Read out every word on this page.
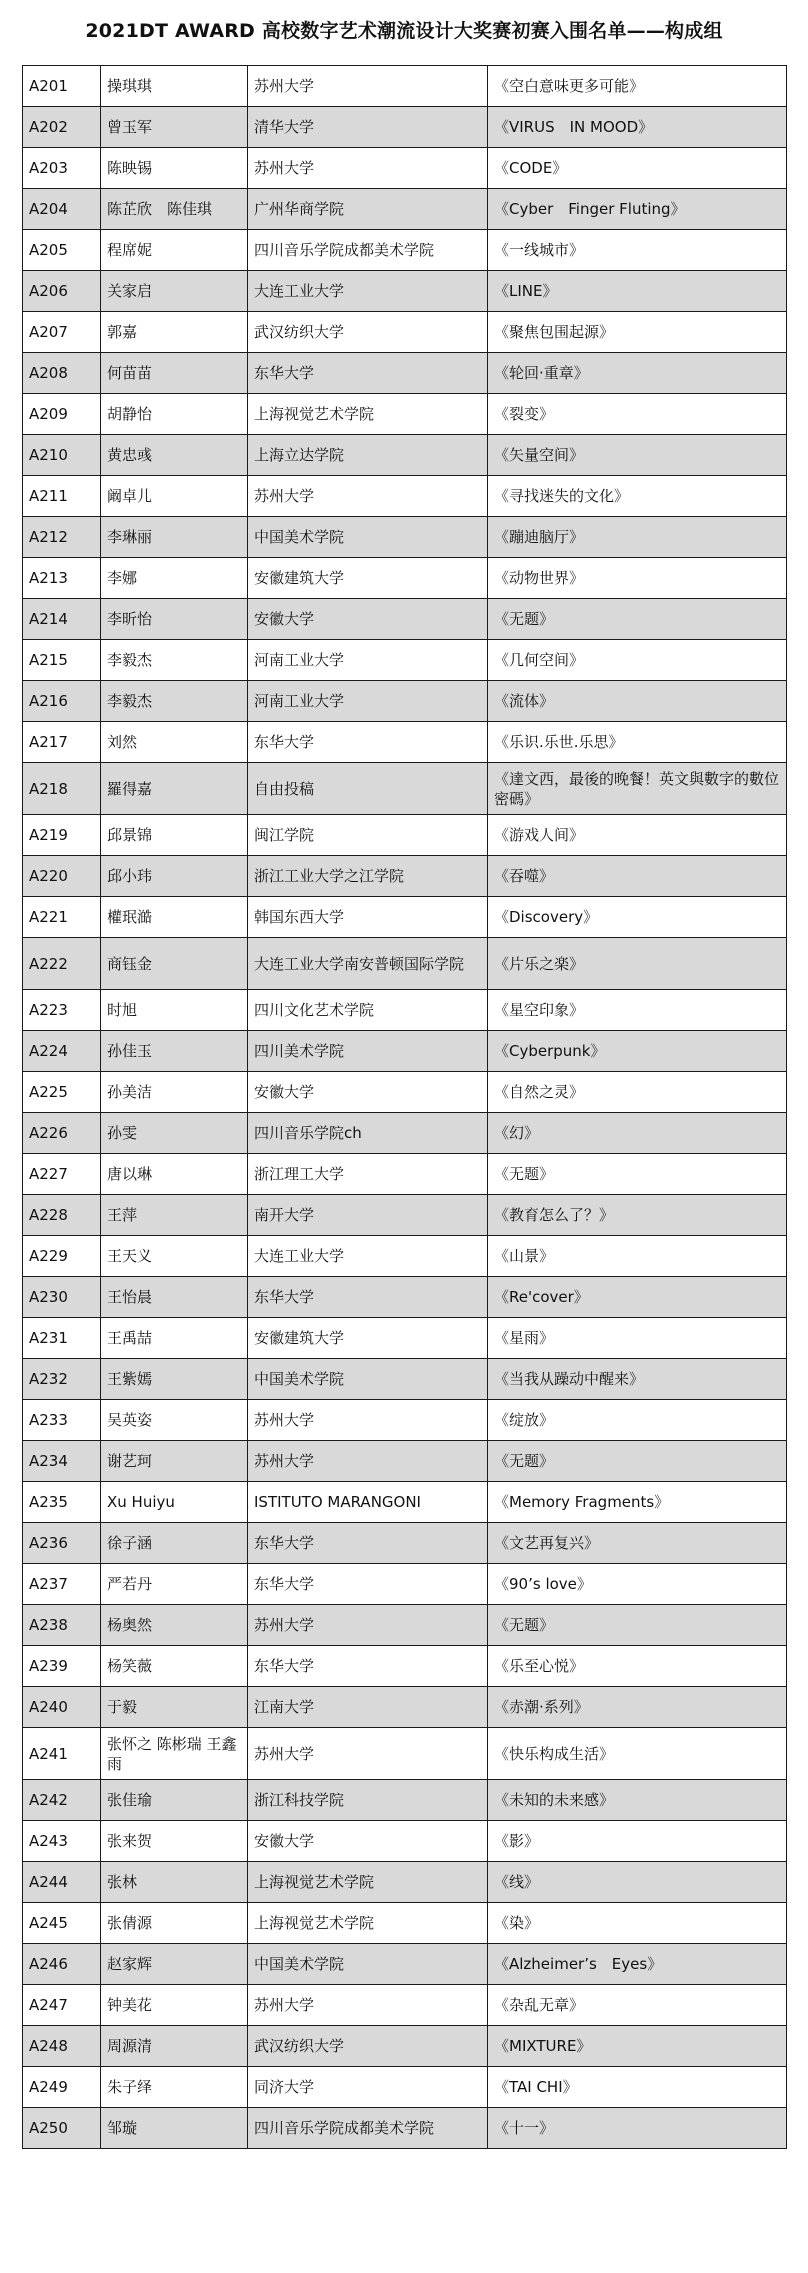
2021DT AWARD 高校数字艺术潮流设计大奖赛初赛入围名单——构成组
A201	操琪琪	苏州大学	《空白意味更多可能》
A202	曾玉军	清华大学	《VIRUS　IN MOOD》
A203	陈映锡	苏州大学	《CODE》
A204	陈芷欣　陈佳琪	广州华商学院	《Cyber　Finger Fluting》
A205	程席妮	四川音乐学院成都美术学院	《一线城市》
A206	关家启	大连工业大学	《LINE》
A207	郭嘉	武汉纺织大学	《聚焦包围起源》
A208	何苗苗	东华大学	《轮回·重章》
A209	胡静怡	上海视觉艺术学院	《裂变》
A210	黄忠彧	上海立达学院	《矢量空间》
A211	阚卓儿	苏州大学	《寻找迷失的文化》
A212	李琳丽	中国美术学院	《蹦迪脑厅》
A213	李娜	安徽建筑大学	《动物世界》
A214	李昕怡	安徽大学	《无题》
A215	李毅杰	河南工业大学	《几何空间》
A216	李毅杰	河南工业大学	《流体》
A217	刘然	东华大学	《乐识.乐世.乐思》
A218	羅得嘉	自由投稿	《達文西，最後的晚餐！英文與數字的數位密碼》
A219	邱景锦	闽江学院	《游戏人间》
A220	邱小玮	浙江工业大学之江学院	《吞噬》
A221	權珉澔	韩国东西大学	《Discovery》
A222	商钰金	大连工业大学南安普顿国际学院	《片乐之楽》
A223	时旭	四川文化艺术学院	《星空印象》
A224	孙佳玉	四川美术学院	《Cyberpunk》
A225	孙美洁	安徽大学	《自然之灵》
A226	孙雯	四川音乐学院ch	《幻》
A227	唐以琳	浙江理工大学	《无题》
A228	王萍	南开大学	《教育怎么了？》
A229	王天义	大连工业大学	《山景》
A230	王怡晨	东华大学	《Re'cover》
A231	王禹喆	安徽建筑大学	《星雨》
A232	王紫嫣	中国美术学院	《当我从躁动中醒来》
A233	吴英姿	苏州大学	《绽放》
A234	谢艺珂	苏州大学	《无题》
A235	Xu Huiyu	ISTITUTO MARANGONI	《Memory Fragments》
A236	徐子涵	东华大学	《文艺再复兴》
A237	严若丹	东华大学	《90’s love》
A238	杨奥然	苏州大学	《无题》
A239	杨笑薇	东华大学	《乐至心悦》
A240	于毅	江南大学	《赤潮·系列》
A241	张怀之 陈彬瑞 王鑫雨	苏州大学	《快乐构成生活》
A242	张佳瑜	浙江科技学院	《未知的未来感》
A243	张来贺	安徽大学	《影》
A244	张林	上海视觉艺术学院	《线》
A245	张倩源	上海视觉艺术学院	《染》
A246	赵家辉	中国美术学院	《Alzheimer’s　Eyes》
A247	钟美花	苏州大学	《杂乱无章》
A248	周源清	武汉纺织大学	《MIXTURE》
A249	朱子绎	同济大学	《TAI CHI》
A250	邹璇	四川音乐学院成都美术学院	《十一》
